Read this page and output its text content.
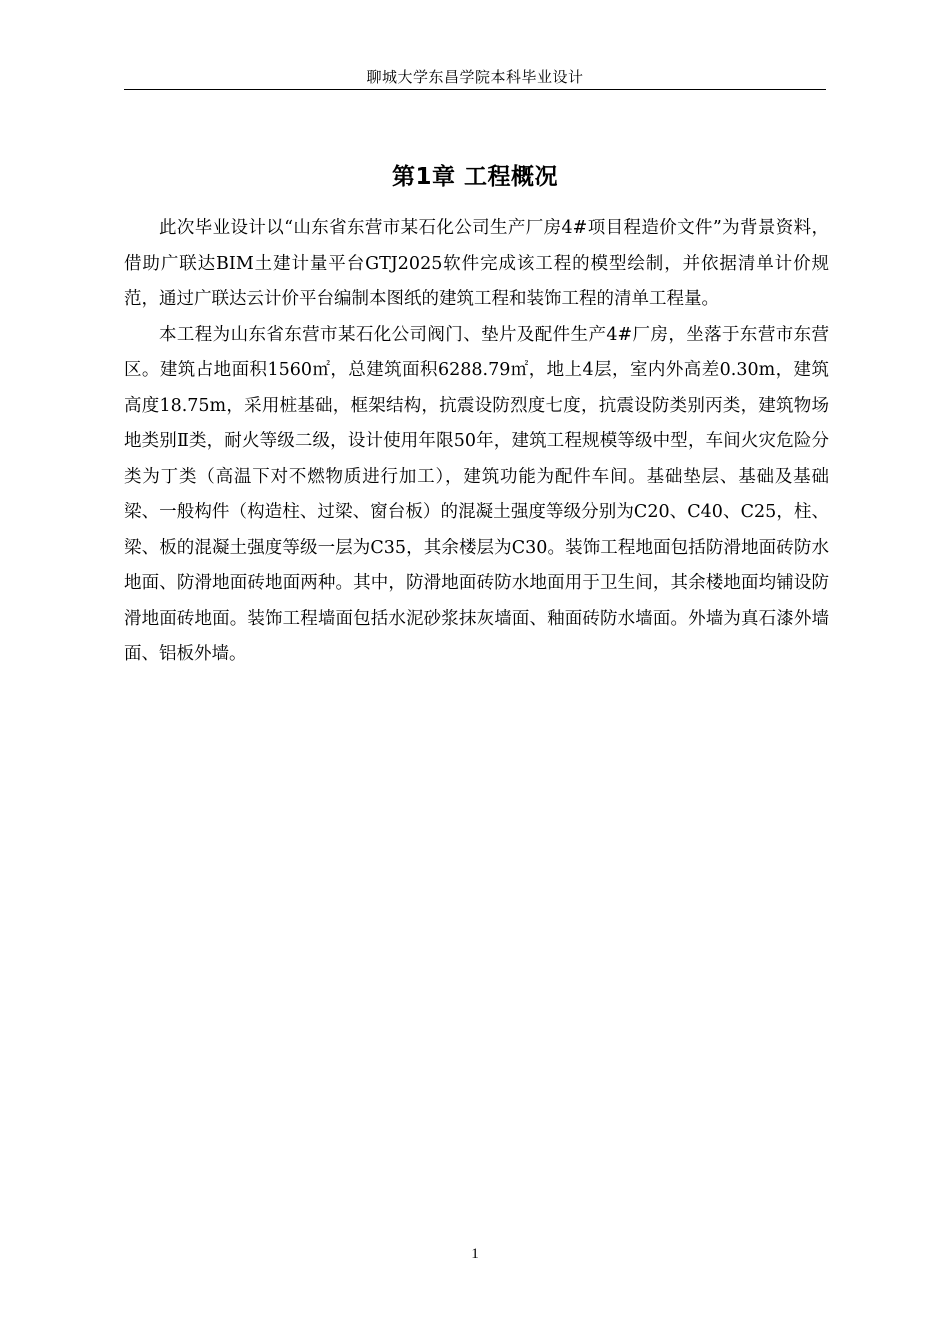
聊城大学东昌学院本科毕业设计
第1章 工程概况

此次毕业设计以“山东省东营市某石化公司生产厂房4#项目程造价文件”为背景资料，借助广联达BIM土建计量平台GTJ2025软件完成该工程的模型绘制，并依据清单计价规范，通过广联达云计价平台编制本图纸的建筑工程和装饰工程的清单工程量。

本工程为山东省东营市某石化公司阀门、垫片及配件生产4#厂房，坐落于东营市东营区。建筑占地面积1560㎡，总建筑面积6288.79㎡，地上4层，室内外高差0.30m，建筑高度18.75m，采用桩基础，框架结构，抗震设防烈度七度，抗震设防类别丙类，建筑物场地类别Ⅱ类，耐火等级二级，设计使用年限50年，建筑工程规模等级中型，车间火灾危险分类为丁类（高温下对不燃物质进行加工），建筑功能为配件车间。基础垫层、基础及基础梁、一般构件（构造柱、过梁、窗台板）的混凝土强度等级分别为C20、C40、C25，柱、梁、板的混凝土强度等级一层为C35，其余楼层为C30。装饰工程地面包括防滑地面砖防水地面、防滑地面砖地面两种。其中，防滑地面砖防水地面用于卫生间，其余楼地面均铺设防滑地面砖地面。装饰工程墙面包括水泥砂浆抹灰墙面、釉面砖防水墙面。外墙为真石漆外墙面、铝板外墙。

1
